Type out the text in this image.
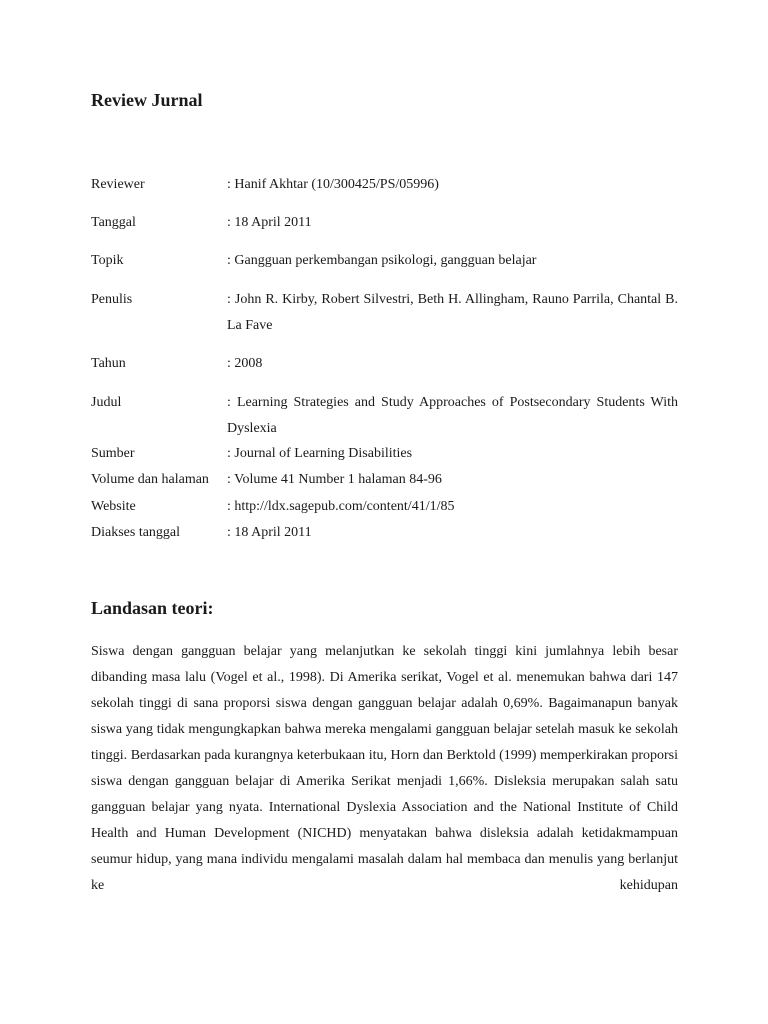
Review Jurnal
Reviewer	: Hanif Akhtar (10/300425/PS/05996)
Tanggal	: 18 April 2011
Topik	: Gangguan perkembangan psikologi, gangguan belajar
Penulis	: John R. Kirby, Robert Silvestri, Beth H. Allingham, Rauno Parrila, Chantal B. La Fave
Tahun	: 2008
Judul	: Learning Strategies and Study Approaches of Postsecondary Students With Dyslexia
Sumber	: Journal of Learning Disabilities
Volume dan halaman : Volume 41 Number 1 halaman 84-96
Website	: http://ldx.sagepub.com/content/41/1/85
Diakses tanggal	: 18 April 2011
Landasan teori:

Siswa dengan gangguan belajar yang melanjutkan ke sekolah tinggi kini jumlahnya lebih besar dibanding masa lalu (Vogel et al., 1998). Di Amerika serikat, Vogel et al. menemukan bahwa dari 147 sekolah tinggi di sana proporsi siswa dengan gangguan belajar adalah 0,69%. Bagaimanapun banyak siswa yang tidak mengungkapkan bahwa mereka mengalami gangguan belajar setelah masuk ke sekolah tinggi. Berdasarkan pada kurangnya keterbukaan itu, Horn dan Berktold (1999) memperkirakan proporsi siswa dengan gangguan belajar di Amerika Serikat menjadi 1,66%. Disleksia merupakan salah satu gangguan belajar yang nyata. International Dyslexia Association and the National Institute of Child Health and Human Development (NICHD) menyatakan bahwa disleksia adalah ketidakmampuan seumur hidup, yang mana individu mengalami masalah dalam hal membaca dan menulis yang berlanjut ke kehidupan
